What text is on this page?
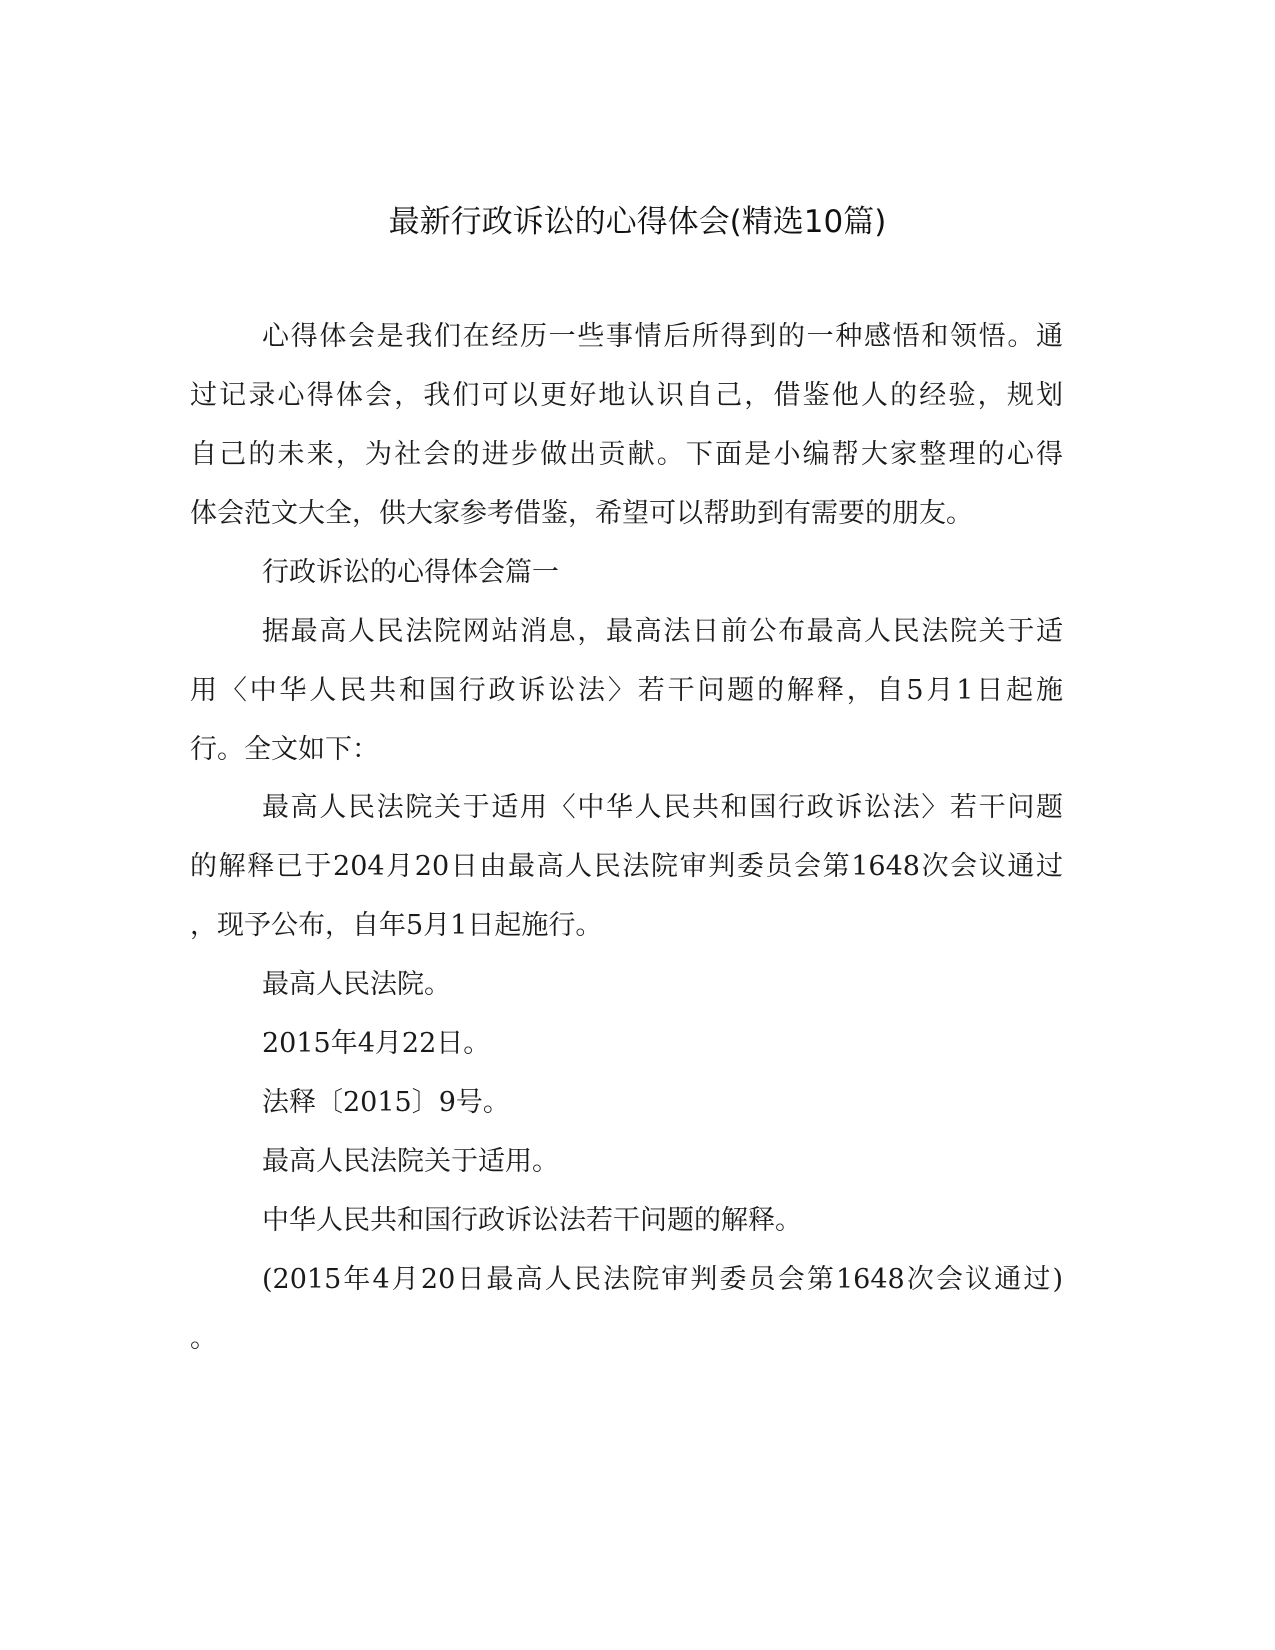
最新行政诉讼的心得体会(精选10篇)
心得体会是我们在经历一些事情后所得到的一种感悟和领悟。通
过记录心得体会，我们可以更好地认识自己，借鉴他人的经验，规划
自己的未来，为社会的进步做出贡献。下面是小编帮大家整理的心得
体会范文大全，供大家参考借鉴，希望可以帮助到有需要的朋友。
行政诉讼的心得体会篇一
据最高人民法院网站消息，最高法日前公布最高人民法院关于适
用〈中华人民共和国行政诉讼法〉若干问题的解释，自5月1日起施
行。全文如下：
最高人民法院关于适用〈中华人民共和国行政诉讼法〉若干问题
的解释已于204月20日由最高人民法院审判委员会第1648次会议通过
，现予公布，自年5月1日起施行。
最高人民法院。
2015年4月22日。
法释〔2015〕9号。
最高人民法院关于适用。
中华人民共和国行政诉讼法若干问题的解释。
(2015年4月20日最高人民法院审判委员会第1648次会议通过)
。
